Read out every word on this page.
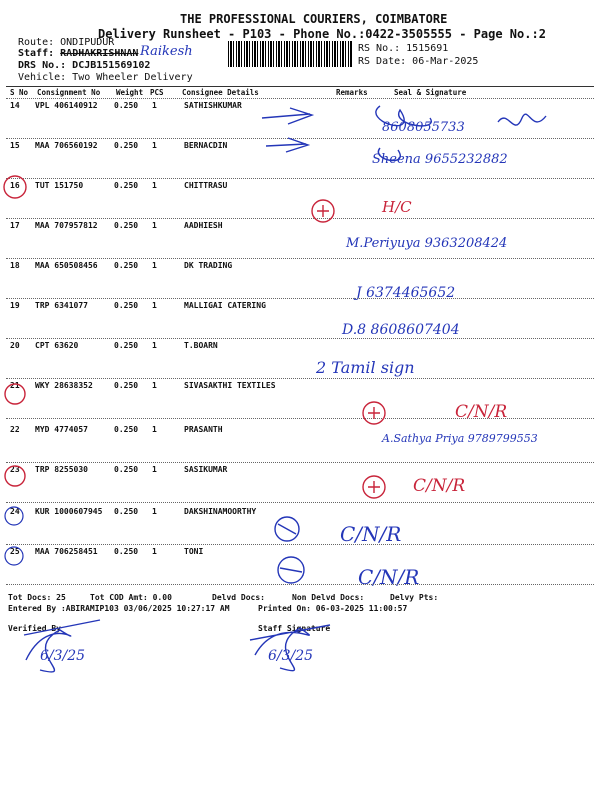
THE PROFESSIONAL COURIERS, COIMBATORE
Delivery Runsheet - P103 - Phone No.:0422-3505555 - Page No.:2
Route: ONDIPUDUR
Staff: RADHAKRISHNAN Raikesh
DRS No.: DCJB151569102
Vehicle: Two Wheeler Delivery
RS No.: 1515691
RS Date: 06-Mar-2025
S No Consignment No Weight PCS Consignee Details	Remarks	Seal & Signature
14 VPL 406140912 0.250 1	SATHISHKUMAR
8608055733
15 MAA 706560192 0.250 1	BERNACDIN
Sheena 9655232882
16 TUT 151750	0.250 1	CHITTRASU
H/C
17 MAA 707957812 0.250 1	AADHIESH
M.Periyuya 9363208424
18 MAA 650508456 0.250 1	DK TRADING
J 6374465652
19 TRP 6341077	0.250 1	MALLIGAI CATERING
D.8 8608607404
20 CPT 63620	0.250 1	T.BOARN
2 Tamil sign
21 WKY 28638352	0.250 1	SIVASAKTHI TEXTILES
C/N/R
22 MYD 4774057	0.250 1	PRASANTH
A.Sathya Priya 9789799553
23 TRP 8255030	0.250 1	SASIKUMAR
C/N/R
24 KUR 1000607945 0.250 1	DAKSHINAMOORTHY
C/N/R
25 MAA 706258451 0.250 1	TONI
C/N/R
Tot Docs: 25	Tot COD Amt: 0.00	Delvd Docs:	Non Delvd Docs:	Delvy Pts:
Entered By :ABIRAMIP103 03/06/2025 10:27:17 AM	Printed On: 06-03-2025 11:00:57
Verified By	Staff Signature
6/3/25	6/3/25
